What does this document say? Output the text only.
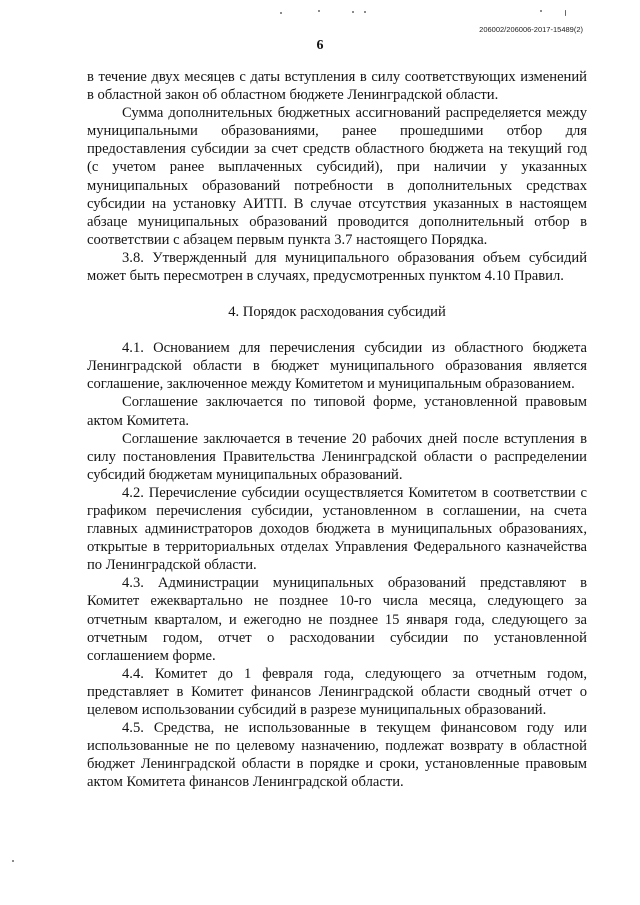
206002/206006-2017-15489(2)
6

в течение двух месяцев с даты вступления в силу соответствующих изменений в областной закон об областном бюджете Ленинградской области.

Сумма дополнительных бюджетных ассигнований распределяется между муниципальными образованиями, ранее прошедшими отбор для предоставления субсидии за счет средств областного бюджета на текущий год (с учетом ранее выплаченных субсидий), при наличии у указанных муниципальных образований потребности в дополнительных средствах субсидии на установку АИТП. В случае отсутствия указанных в настоящем абзаце муниципальных образований проводится дополнительный отбор в соответствии с абзацем первым пункта 3.7 настоящего Порядка.

3.8. Утвержденный для муниципального образования объем субсидий может быть пересмотрен в случаях, предусмотренных пунктом 4.10 Правил.

4. Порядок расходования субсидий

4.1. Основанием для перечисления субсидии из областного бюджета Ленинградской области в бюджет муниципального образования является соглашение, заключенное между Комитетом и муниципальным образованием.

Соглашение заключается по типовой форме, установленной правовым актом Комитета.

Соглашение заключается в течение 20 рабочих дней после вступления в силу постановления Правительства Ленинградской области о распределении субсидий бюджетам муниципальных образований.

4.2. Перечисление субсидии осуществляется Комитетом в соответствии с графиком перечисления субсидии, установленном в соглашении, на счета главных администраторов доходов бюджета в муниципальных образованиях, открытые в территориальных отделах Управления Федерального казначейства по Ленинградской области.

4.3. Администрации муниципальных образований представляют в Комитет ежеквартально не позднее 10-го числа месяца, следующего за отчетным кварталом, и ежегодно не позднее 15 января года, следующего за отчетным годом, отчет о расходовании субсидии по установленной соглашением форме.

4.4. Комитет до 1 февраля года, следующего за отчетным годом, представляет в Комитет финансов Ленинградской области сводный отчет о целевом использовании субсидий в разрезе муниципальных образований.

4.5. Средства, не использованные в текущем финансовом году или использованные не по целевому назначению, подлежат возврату в областной бюджет Ленинградской области в порядке и сроки, установленные правовым актом Комитета финансов Ленинградской области.
